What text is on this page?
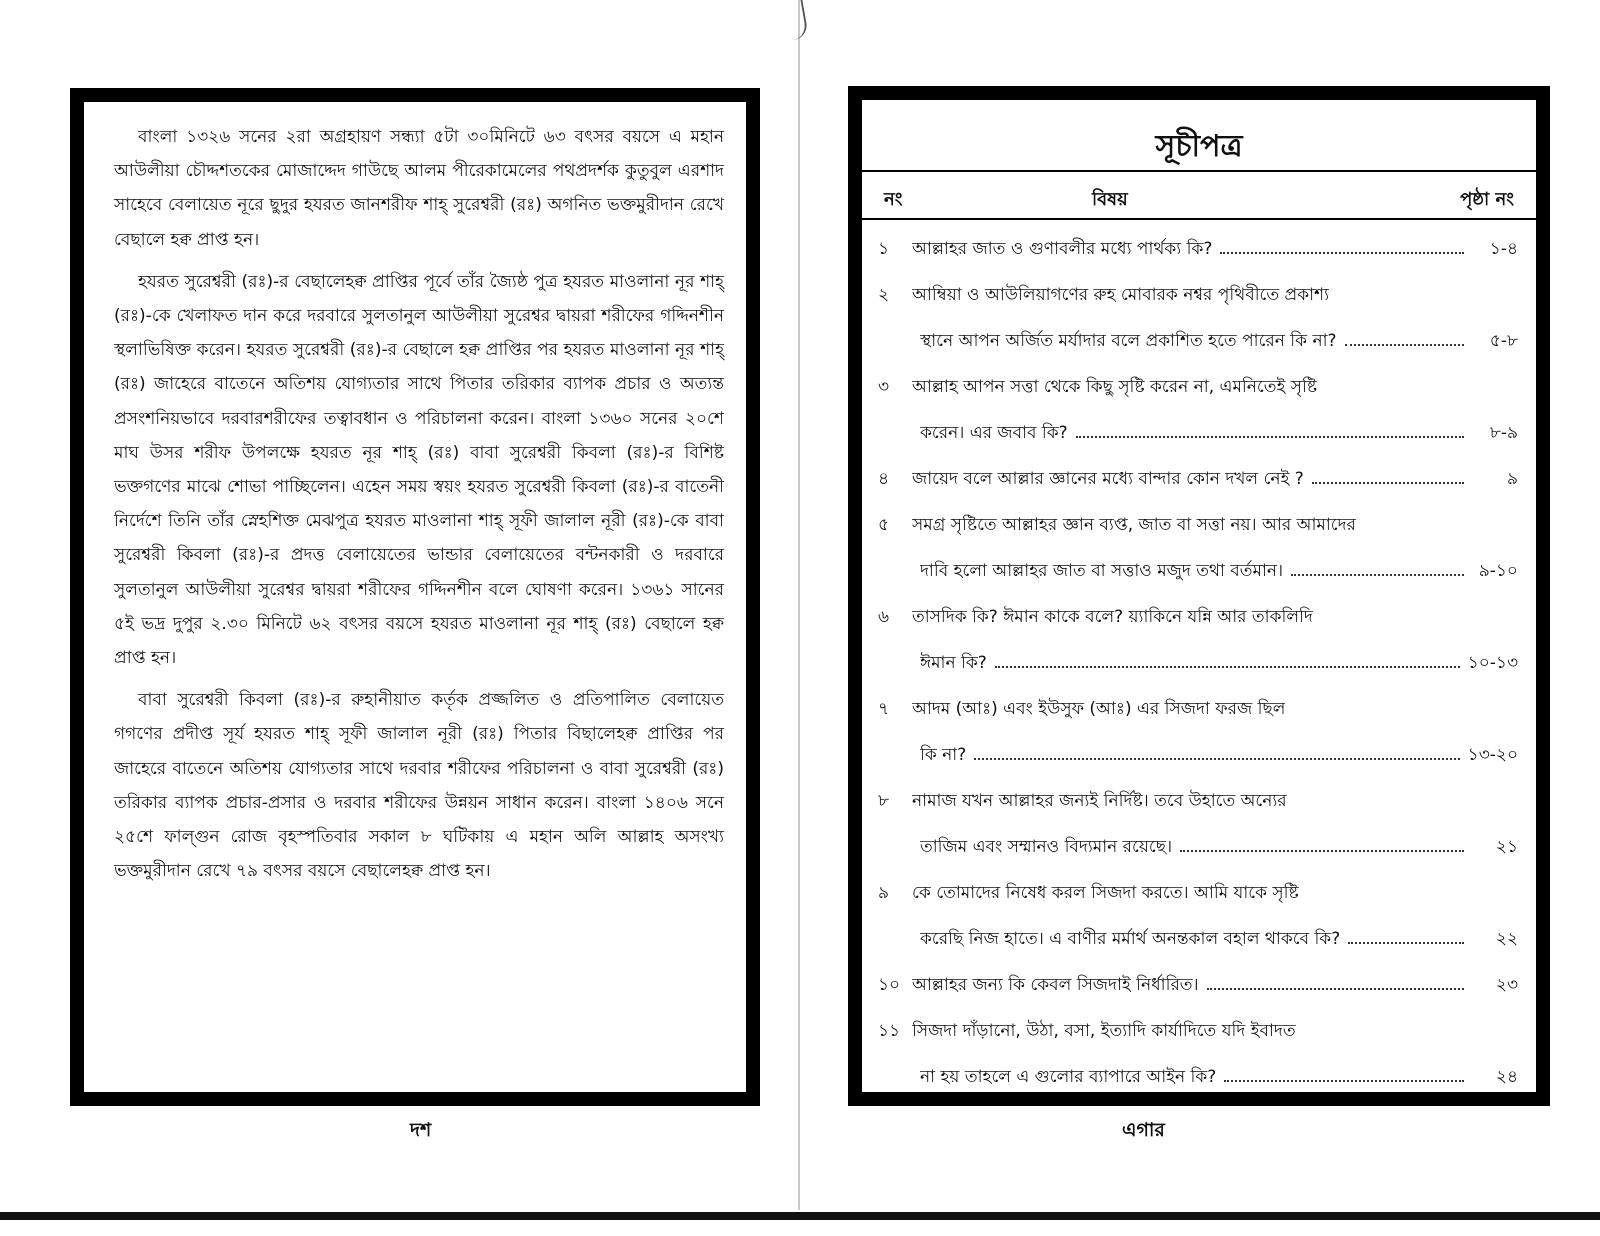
বাংলা ১৩২৬ সনের ২রা অগ্রহায়ণ সন্ধ্যা ৫টা ৩০মিনিটে ৬৩ বৎসর বয়সে এ মহান আউলীয়া চৌদ্দশতকের মোজাদ্দেদ গাউছে আলম পীরেকামেলের পথপ্রদর্শক কুতুবুল এরশাদ সাহেবে বেলায়েত নূরে ছুদুর হযরত জানশরীফ শাহ্ সুরেশ্বরী (রঃ) অগনিত ভক্তমুরীদান রেখে বেছালে হক্ব প্রাপ্ত হন।

হযরত সুরেশ্বরী (রঃ)-র বেছালেহক্ব প্রাপ্তির পূর্বে তাঁর জ্যৈষ্ঠ পুত্র হযরত মাওলানা নূর শাহ্ (রঃ)-কে খেলাফত দান করে দরবারে সুলতানুল আউলীয়া সুরেশ্বর দ্বায়রা শরীফের গদ্দিনশীন স্থলাভিষিক্ত করেন। হযরত সুরেশ্বরী (রঃ)-র বেছালে হক্ব প্রাপ্তির পর হযরত মাওলানা নূর শাহ্ (রঃ) জাহেরে বাতেনে অতিশয় যোগ্যতার সাথে পিতার তরিকার ব্যাপক প্রচার ও অত্যন্ত প্রসংশনিয়ভাবে দরবারশরীফের তত্বাবধান ও পরিচালনা করেন। বাংলা ১৩৬০ সনের ২০শে মাঘ উসর শরীফ উপলক্ষে হযরত নূর শাহ্ (রঃ) বাবা সুরেশ্বরী কিবলা (রঃ)-র বিশিষ্ট ভক্তগণের মাঝে শোভা পাচ্ছিলেন। এহেন সময় স্বয়ং হযরত সুরেশ্বরী কিবলা (রঃ)-র বাতেনী নির্দেশে তিনি তাঁর স্নেহশিক্ত মেঝপুত্র হযরত মাওলানা শাহ্ সূফী জালাল নূরী (রঃ)-কে বাবা সুরেশ্বরী কিবলা (রঃ)-র প্রদত্ত বেলায়েতের ভান্ডার বেলায়েতের বন্টনকারী ও দরবারে সুলতানুল আউলীয়া সুরেশ্বর দ্বায়রা শরীফের গদ্দিনশীন বলে ঘোষণা করেন। ১৩৬১ সানের ৫ই ভদ্র দুপুর ২.৩০ মিনিটে ৬২ বৎসর বয়সে হযরত মাওলানা নূর শাহ্ (রঃ) বেছালে হক্ব প্রাপ্ত হন।

বাবা সুরেশ্বরী কিবলা (রঃ)-র রুহানীয়াত কর্তৃক প্রজ্জলিত ও প্রতিপালিত বেলায়েত গগণের প্রদীপ্ত সূর্য হযরত শাহ্ সূফী জালাল নূরী (রঃ) পিতার বিছালেহক্ব প্রাপ্তির পর জাহেরে বাতেনে অতিশয় যোগ্যতার সাথে দরবার শরীফের পরিচালনা ও বাবা সুরেশ্বরী (রঃ) তরিকার ব্যাপক প্রচার-প্রসার ও দরবার শরীফের উন্নয়ন সাধান করেন। বাংলা ১৪০৬ সনে ২৫শে ফাল্গুন রোজ বৃহস্পতিবার সকাল ৮ ঘটিকায় এ মহান অলি আল্লাহ অসংখ্য ভক্তমুরীদান রেখে ৭৯ বৎসর বয়সে বেছালেহক্ব প্রাপ্ত হন।

দশ
সূচীপত্র
নং	বিষয়	পৃষ্ঠা নং
১	আল্লাহর জাত ও গুণাবলীর মধ্যে পার্থক্য কি?	১-৪
২	আম্বিয়া ও আউলিয়াগণের রুহ মোবারক নশ্বর পৃথিবীতে প্রকাশ্য
স্থানে আপন অর্জিত মর্যাদার বলে প্রকাশিত হতে পারেন কি না?	৫-৮
৩	আল্লাহ আপন সত্তা থেকে কিছু সৃষ্টি করেন না, এমনিতেই সৃষ্টি
করেন। এর জবাব কি?	৮-৯
৪	জায়েদ বলে আল্লার জ্ঞানের মধ্যে বান্দার কোন দখল নেই ?	৯
৫	সমগ্র সৃষ্টিতে আল্লাহর জ্ঞান ব্যপ্ত, জাত বা সত্তা নয়। আর আমাদের
দাবি হলো আল্লাহর জাত বা সত্তাও মজুদ তথা বর্তমান।	৯-১০
৬	তাসদিক কি? ঈমান কাকে বলে? য়্যাকিনে যন্নি আর তাকলিদি
ঈমান কি?	১০-১৩
৭	আদম (আঃ) এবং ইউসুফ (আঃ) এর সিজদা ফরজ ছিল
কি না?	১৩-২০
৮	নামাজ যখন আল্লাহর জন্যই নির্দিষ্ট। তবে উহাতে অন্যের
তাজিম এবং সম্মানও বিদ্যমান রয়েছে।	২১
৯	কে তোমাদের নিষেধ করল সিজদা করতে। আমি যাকে সৃষ্টি
করেছি নিজ হাতে। এ বাণীর মর্মার্থ অনন্তকাল বহাল থাকবে কি?	২২
১০ আল্লাহর জন্য কি কেবল সিজদাই নির্ধারিত।	২৩
১১ সিজদা দাঁড়ানো, উঠা, বসা, ইত্যাদি কার্যাদিতে যদি ইবাদত
না হয় তাহলে এ গুলোর ব্যাপারে আইন কি?	২৪
এগার
